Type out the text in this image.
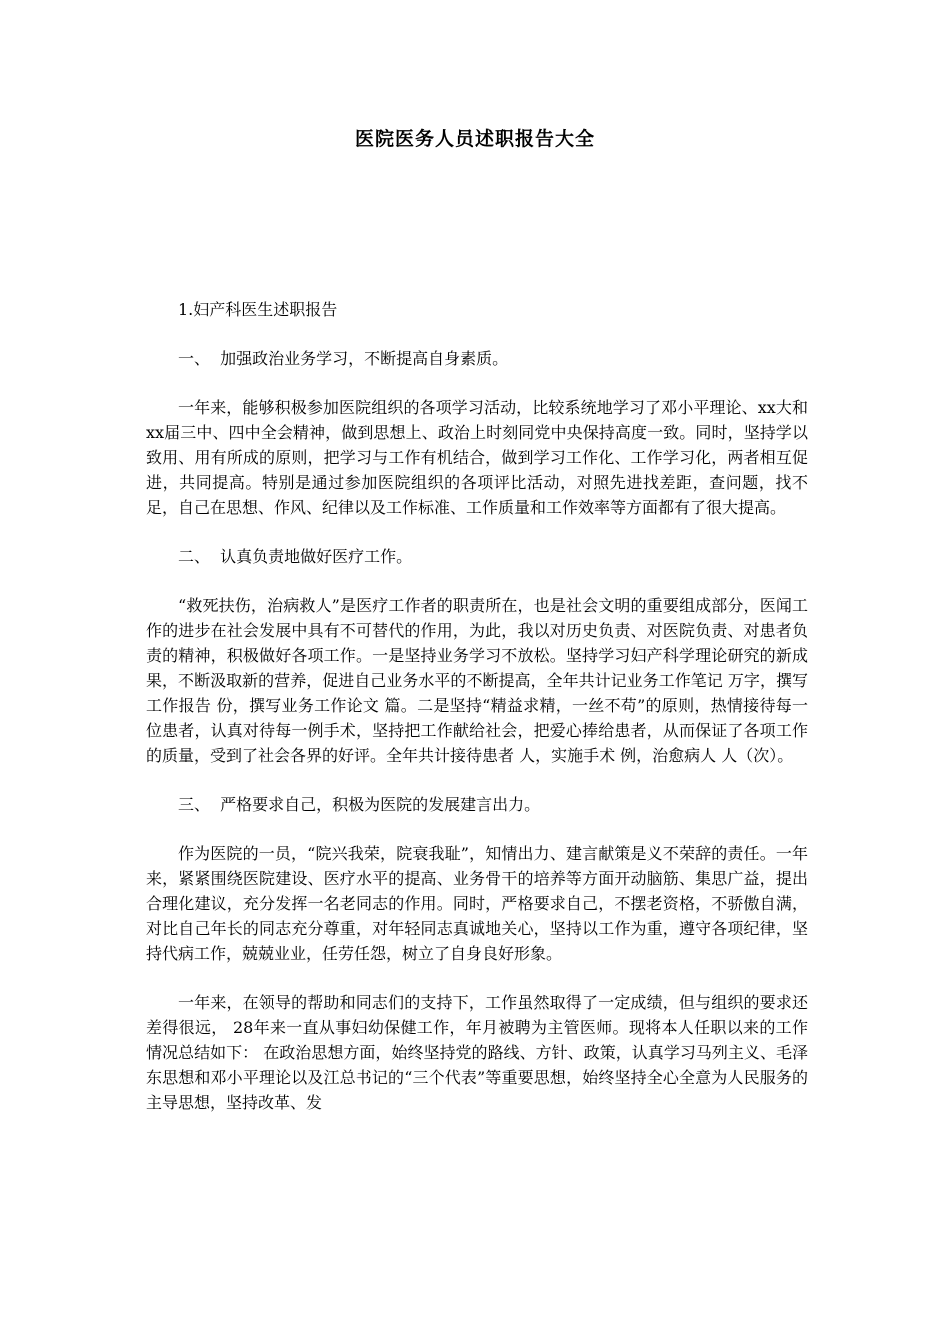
医院医务人员述职报告大全

1.妇产科医生述职报告

一、  加强政治业务学习，不断提高自身素质。

一年来，能够积极参加医院组织的各项学习活动，比较系统地学习了邓小平理论、xx大和xx届三中、四中全会精神，做到思想上、政治上时刻同党中央保持高度一致。同时，坚持学以致用、用有所成的原则，把学习与工作有机结合，做到学习工作化、工作学习化，两者相互促进，共同提高。特别是通过参加医院组织的各项评比活动，对照先进找差距，查问题，找不足，自己在思想、作风、纪律以及工作标准、工作质量和工作效率等方面都有了很大提高。

二、  认真负责地做好医疗工作。

“救死扶伤，治病救人”是医疗工作者的职责所在，也是社会文明的重要组成部分，医闻工作的进步在社会发展中具有不可替代的作用，为此，我以对历史负责、对医院负责、对患者负责的精神，积极做好各项工作。一是坚持业务学习不放松。坚持学习妇产科学理论研究的新成果，不断汲取新的营养，促进自己业务水平的不断提高，全年共计记业务工作笔记 万字，撰写工作报告 份，撰写业务工作论文 篇。二是坚持“精益求精，一丝不苟”的原则，热情接待每一位患者，认真对待每一例手术，坚持把工作献给社会，把爱心捧给患者，从而保证了各项工作的质量，受到了社会各界的好评。全年共计接待患者 人，实施手术 例，治愈病人 人（次）。

三、  严格要求自己，积极为医院的发展建言出力。

作为医院的一员，“院兴我荣，院衰我耻”，知情出力、建言献策是义不荣辞的责任。一年来，紧紧围绕医院建设、医疗水平的提高、业务骨干的培养等方面开动脑筋、集思广益，提出合理化建议，充分发挥一名老同志的作用。同时，严格要求自己，不摆老资格，不骄傲自满，对比自己年长的同志充分尊重，对年轻同志真诚地关心，坚持以工作为重，遵守各项纪律，坚持代病工作，兢兢业业，任劳任怨，树立了自身良好形象。

一年来，在领导的帮助和同志们的支持下，工作虽然取得了一定成绩，但与组织的要求还差得很远， 28年来一直从事妇幼保健工作，年月被聘为主管医师。现将本人任职以来的工作情况总结如下： 在政治思想方面，始终坚持党的路线、方针、政策，认真学习马列主义、毛泽东思想和邓小平理论以及江总书记的“三个代表”等重要思想，始终坚持全心全意为人民服务的主导思想，坚持改革、发
